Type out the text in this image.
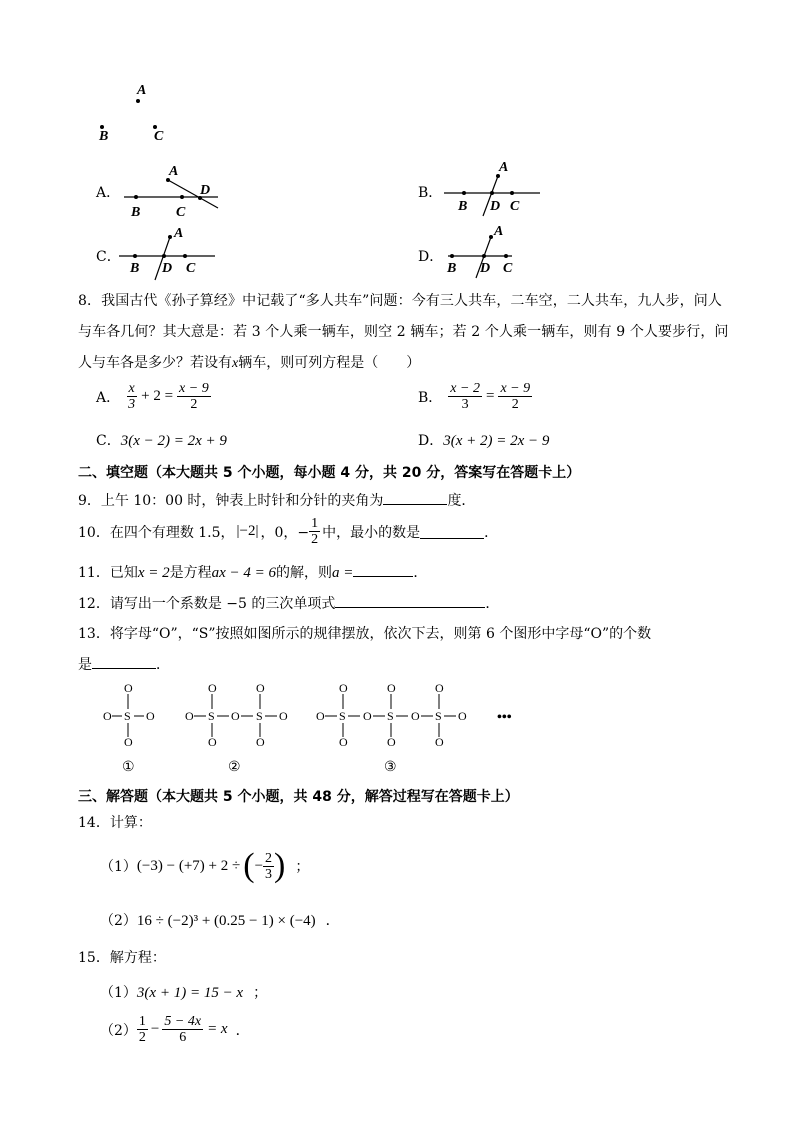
A
B	C
A．
A
B	C
D	B．
A
B D C
C．
A
B D C
D．
A
B D C
8．我国古代《孙子算经》中记载了“多人共车”问题：今有三人共车，二车空，二人共车，九人步，问人
与车各几何？其大意是：若 3 个人乘一辆车，则空 2 辆车；若 2 个人乘一辆车，则有 9 个人要步行，问
人与车各是多少？若设有x辆车，则可列方程是（　　）
A． $\frac{x}{3} + 2 = \frac{x - 9}{2}$	B． $\frac{x - 2}{3} = \frac{x - 9}{2}$
C．3(x − 2) = 2x + 9	D．3(x + 2) = 2x − 9
二、填空题（本大题共 5 个小题，每小题 4 分，共 20 分，答案写在答题卡上）
9．上午 10：00 时，钟表上时针和分针的夹角为	度．
10．在四个有理数 1.5， |−2| ，0，− $\frac{1}{2}$ 中，最小的数是	．
11．已知x = 2是方程ax − 4 = 6的解，则a =	．
12．请写出一个系数是 −5 的三次单项式	．
13．将字母“O”，“S”按照如图所示的规律摆放，依次下去，则第 6 个图形中字母“O”的个数
是	．
O
O S O
O
O	O
O S O S O
O	O
O	O	O
O S O S O S O
O	O	O
•••
①	②	③
三、解答题（本大题共 5 个小题，共 48 分，解答过程写在答题卡上）
14．计算：
（1） (−3) − (+7) + 2 ÷ ( − $\frac{2}{3}$ ) ；
（2）16 ÷ (−2)³ + (0.25 − 1) × (−4) ．
15．解方程：
（1）3(x + 1) = 15 − x ；
$(2) \frac{1}{2} - \frac{5 - 4x}{6} = x$ ．
